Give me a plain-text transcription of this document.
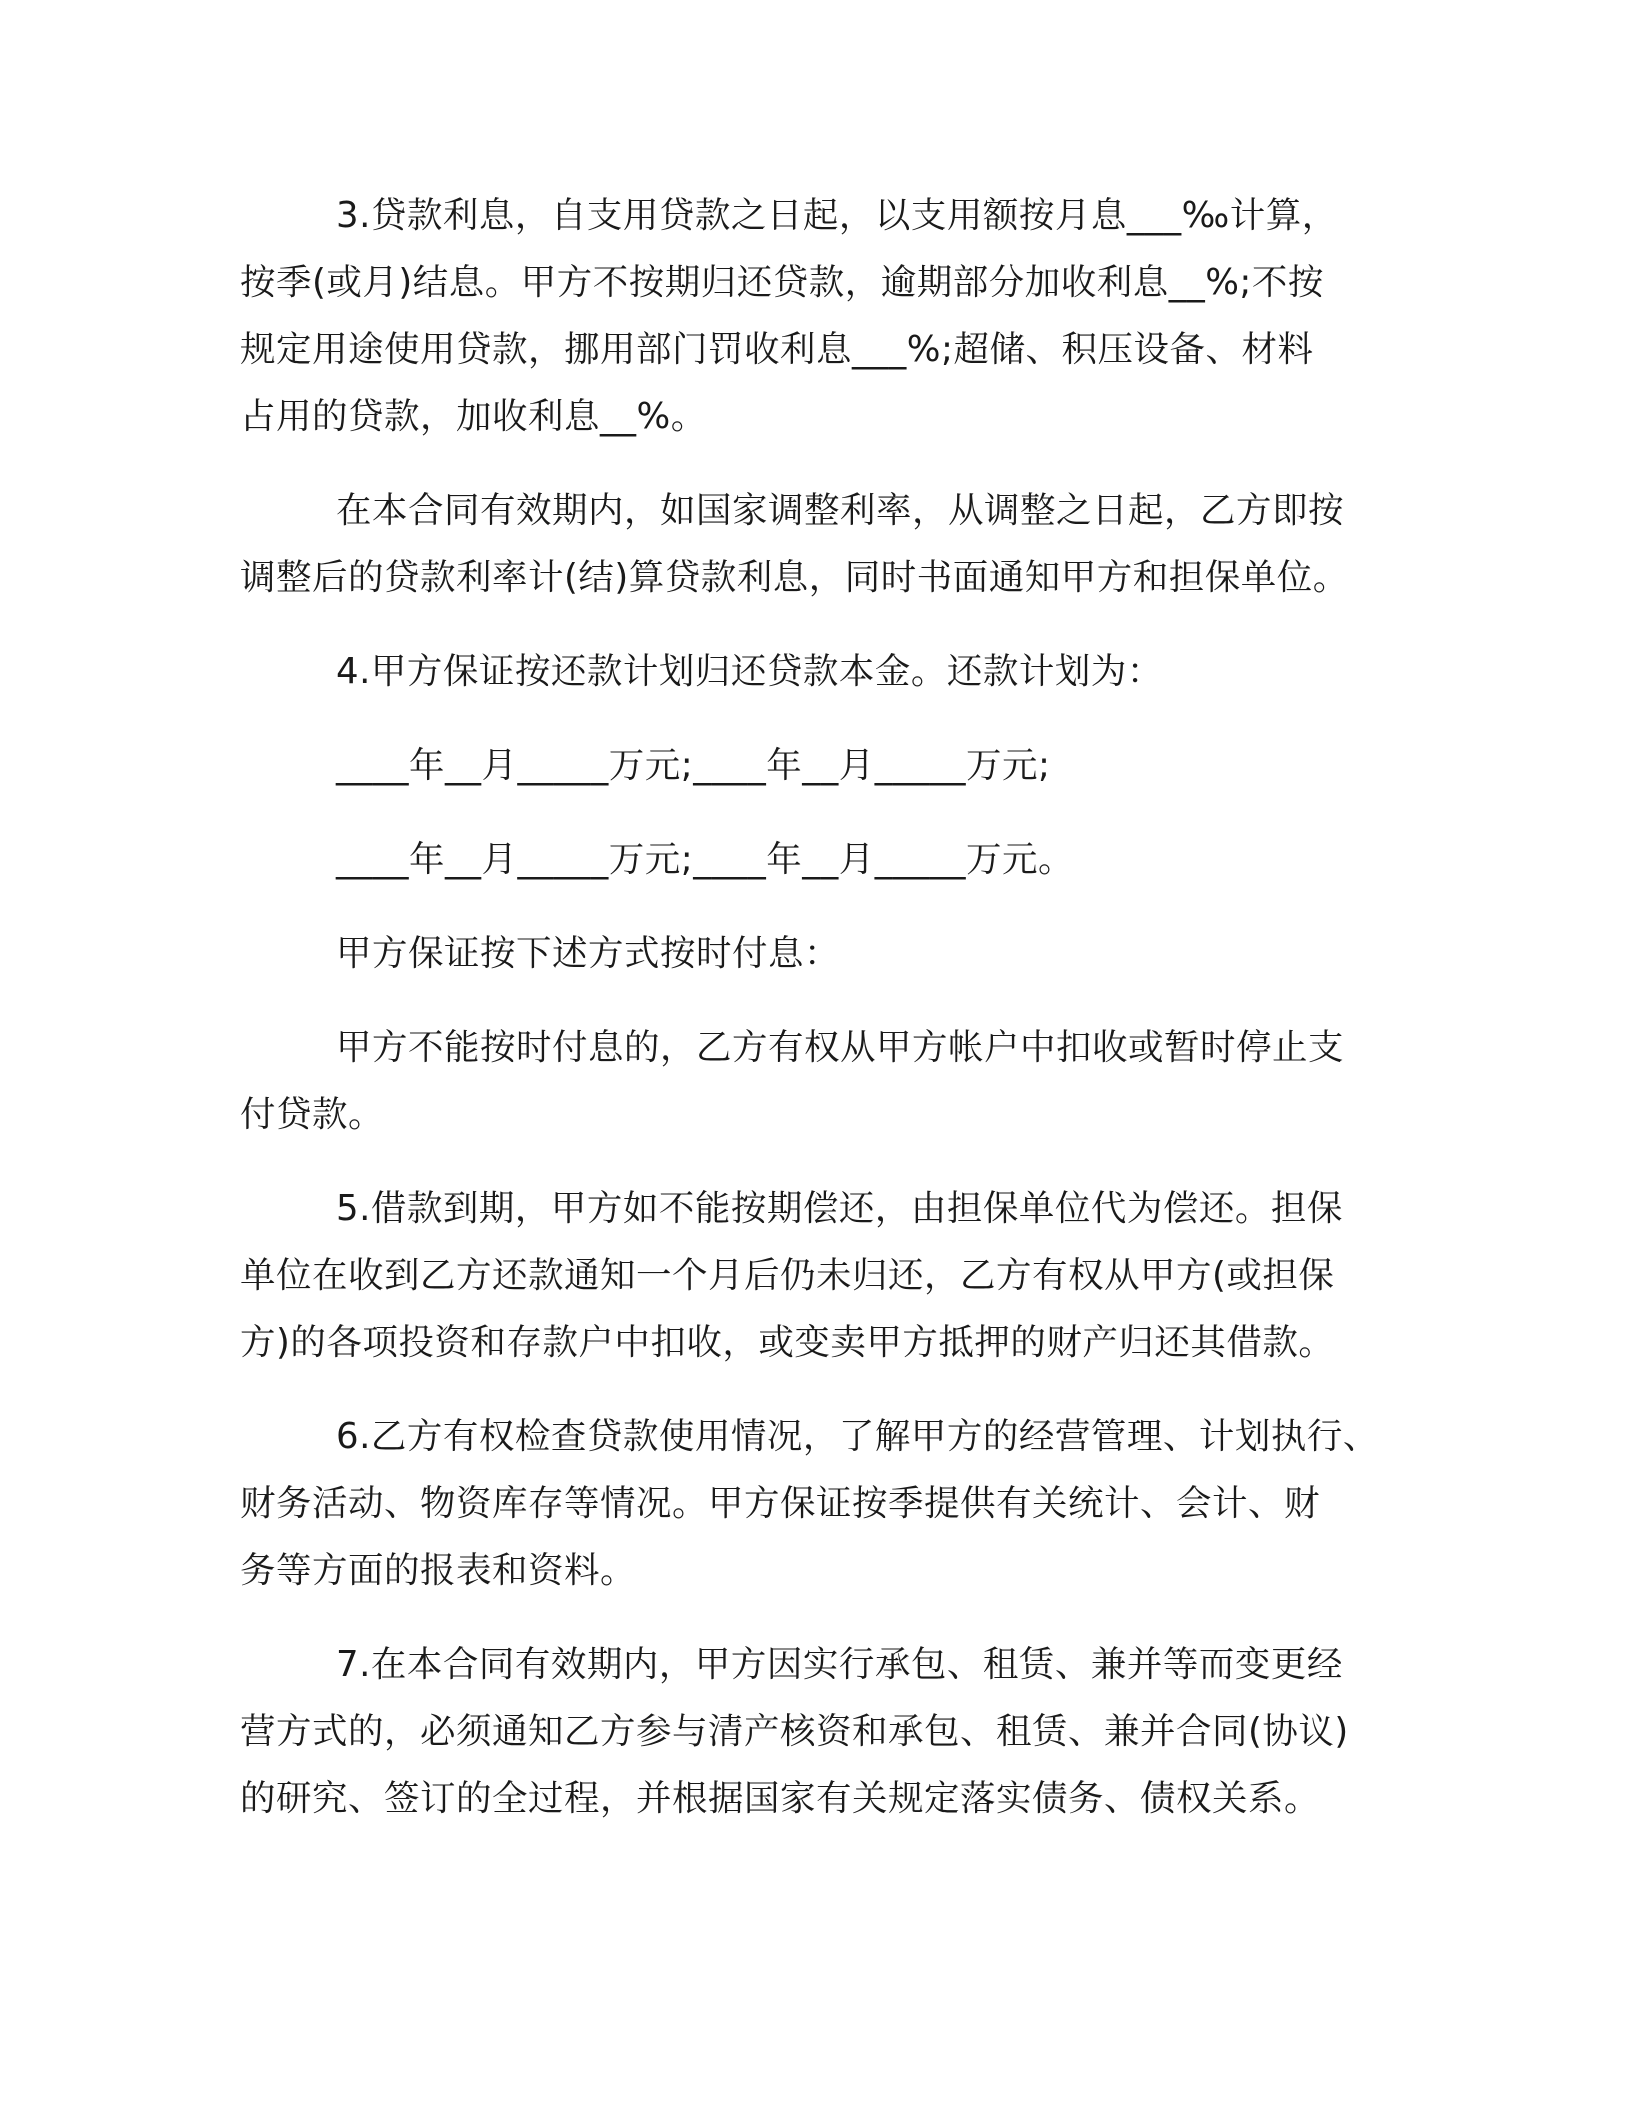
3.贷款利息，自支用贷款之日起，以支用额按月息___‰计算，
按季(或月)结息。甲方不按期归还贷款，逾期部分加收利息__%;不按
规定用途使用贷款，挪用部门罚收利息___%;超储、积压设备、材料
占用的贷款，加收利息__%。
在本合同有效期内，如国家调整利率，从调整之日起，乙方即按
调整后的贷款利率计(结)算贷款利息，同时书面通知甲方和担保单位。
4.甲方保证按还款计划归还贷款本金。还款计划为：
____年__月_____万元;____年__月_____万元;
____年__月_____万元;____年__月_____万元。
甲方保证按下述方式按时付息：
甲方不能按时付息的，乙方有权从甲方帐户中扣收或暂时停止支
付贷款。
5.借款到期，甲方如不能按期偿还，由担保单位代为偿还。担保
单位在收到乙方还款通知一个月后仍未归还，乙方有权从甲方(或担保
方)的各项投资和存款户中扣收，或变卖甲方抵押的财产归还其借款。
6.乙方有权检查贷款使用情况，了解甲方的经营管理、计划执行、
财务活动、物资库存等情况。甲方保证按季提供有关统计、会计、财
务等方面的报表和资料。
7.在本合同有效期内，甲方因实行承包、租赁、兼并等而变更经
营方式的，必须通知乙方参与清产核资和承包、租赁、兼并合同(协议)
的研究、签订的全过程，并根据国家有关规定落实债务、债权关系。
